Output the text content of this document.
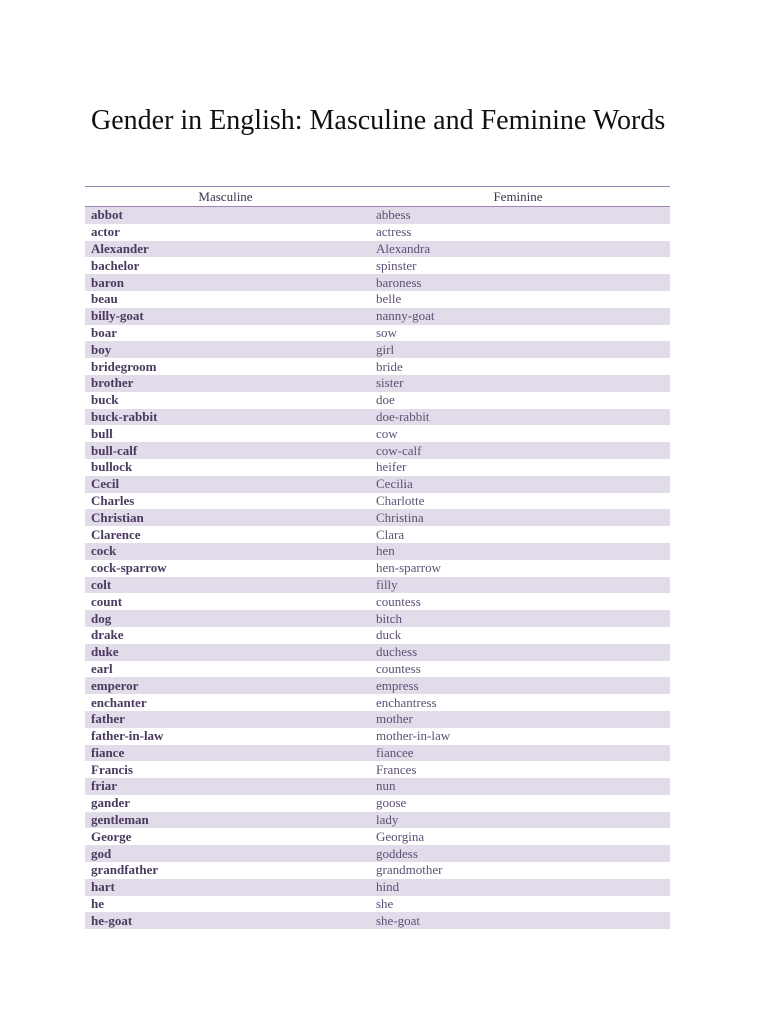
Gender in English: Masculine and Feminine Words
Masculine	Feminine
abbot	abbess
actor	actress
Alexander	Alexandra
bachelor	spinster
baron	baroness
beau	belle
billy-goat	nanny-goat
boar	sow
boy	girl
bridegroom	bride
brother	sister
buck	doe
buck-rabbit	doe-rabbit
bull	cow
bull-calf	cow-calf
bullock	heifer
Cecil	Cecilia
Charles	Charlotte
Christian	Christina
Clarence	Clara
cock	hen
cock-sparrow	hen-sparrow
colt	filly
count	countess
dog	bitch
drake	duck
duke	duchess
earl	countess
emperor	empress
enchanter	enchantress
father	mother
father-in-law	mother-in-law
fiance	fiancee
Francis	Frances
friar	nun
gander	goose
gentleman	lady
George	Georgina
god	goddess
grandfather	grandmother
hart	hind
he	she
he-goat	she-goat
